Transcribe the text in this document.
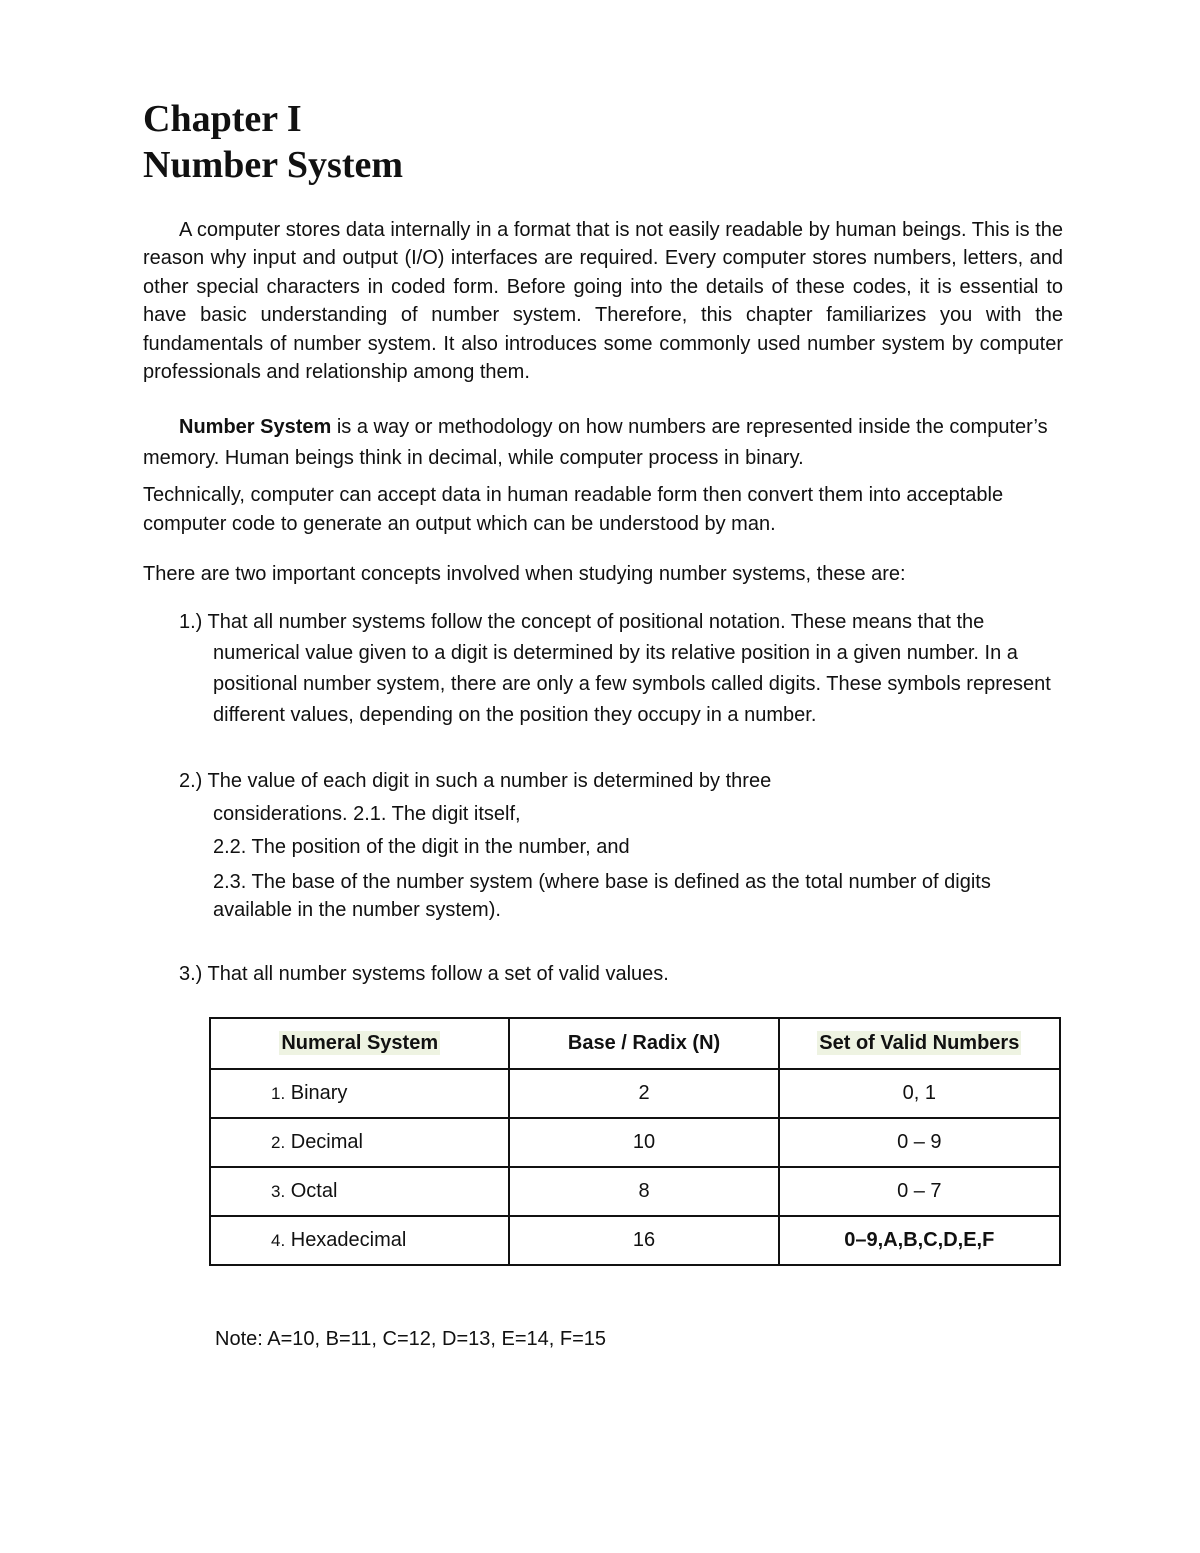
Chapter I
Number System

A computer stores data internally in a format that is not easily readable by human beings. This is the reason why input and output (I/O) interfaces are required. Every computer stores numbers, letters, and other special characters in coded form. Before going into the details of these codes, it is essential to have basic understanding of number system. Therefore, this chapter familiarizes you with the fundamentals of number system. It also introduces some commonly used number system by computer professionals and relationship among them.

Number System is a way or methodology on how numbers are represented inside the computer’s memory. Human beings think in decimal, while computer process in binary.

Technically, computer can accept data in human readable form then convert them into acceptable computer code to generate an output which can be understood by man.

There are two important concepts involved when studying number systems, these are:

1.) That all number systems follow the concept of positional notation. These means that the numerical value given to a digit is determined by its relative position in a given number. In a positional number system, there are only a few symbols called digits. These symbols represent different values, depending on the position they occupy in a number.
2.) The value of each digit in such a number is determined by three
considerations. 2.1. The digit itself,
2.2. The position of the digit in the number, and
2.3. The base of the number system (where base is defined as the total number of digits available in the number system).
3.) That all number systems follow a set of valid values.
Numeral System	Base / Radix (N)	Set of Valid Numbers
1. Binary	2	0, 1
2. Decimal	10	0 – 9
3. Octal	8	0 – 7
4. Hexadecimal	16	0–9,A,B,C,D,E,F

Note: A=10, B=11, C=12, D=13, E=14, F=15
